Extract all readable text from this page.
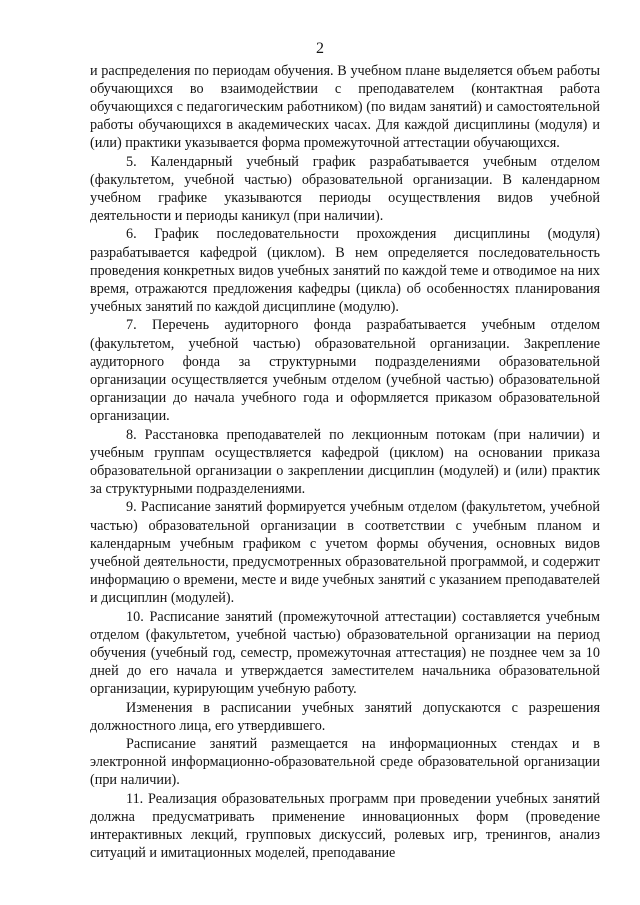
2

и распределения по периодам обучения. В учебном плане выделяется объем работы обучающихся во взаимодействии с преподавателем (контактная работа обучающихся с педагогическим работником) (по видам занятий) и самостоятельной работы обучающихся в академических часах. Для каждой дисциплины (модуля) и (или) практики указывается форма промежуточной аттестации обучающихся.

5. Календарный учебный график разрабатывается учебным отделом (факультетом, учебной частью) образовательной организации. В календарном учебном графике указываются периоды осуществления видов учебной деятельности и периоды каникул (при наличии).

6. График последовательности прохождения дисциплины (модуля) разрабатывается кафедрой (циклом). В нем определяется последовательность проведения конкретных видов учебных занятий по каждой теме и отводимое на них время, отражаются предложения кафедры (цикла) об особенностях планирования учебных занятий по каждой дисциплине (модулю).

7. Перечень аудиторного фонда разрабатывается учебным отделом (факультетом, учебной частью) образовательной организации. Закрепление аудиторного фонда за структурными подразделениями образовательной организации осуществляется учебным отделом (учебной частью) образовательной организации до начала учебного года и оформляется приказом образовательной организации.

8. Расстановка преподавателей по лекционным потокам (при наличии) и учебным группам осуществляется кафедрой (циклом) на основании приказа образовательной организации о закреплении дисциплин (модулей) и (или) практик за структурными подразделениями.

9. Расписание занятий формируется учебным отделом (факультетом, учебной частью) образовательной организации в соответствии с учебным планом и календарным учебным графиком с учетом формы обучения, основных видов учебной деятельности, предусмотренных образовательной программой, и содержит информацию о времени, месте и виде учебных занятий с указанием преподавателей и дисциплин (модулей).

10. Расписание занятий (промежуточной аттестации) составляется учебным отделом (факультетом, учебной частью) образовательной организации на период обучения (учебный год, семестр, промежуточная аттестация) не позднее чем за 10 дней до его начала и утверждается заместителем начальника образовательной организации, курирующим учебную работу.

Изменения в расписании учебных занятий допускаются с разрешения должностного лица, его утвердившего.

Расписание занятий размещается на информационных стендах и в электронной информационно-образовательной среде образовательной организации (при наличии).

11. Реализация образовательных программ при проведении учебных занятий должна предусматривать применение инновационных форм (проведение интерактивных лекций, групповых дискуссий, ролевых игр, тренингов, анализ ситуаций и имитационных моделей, преподавание
